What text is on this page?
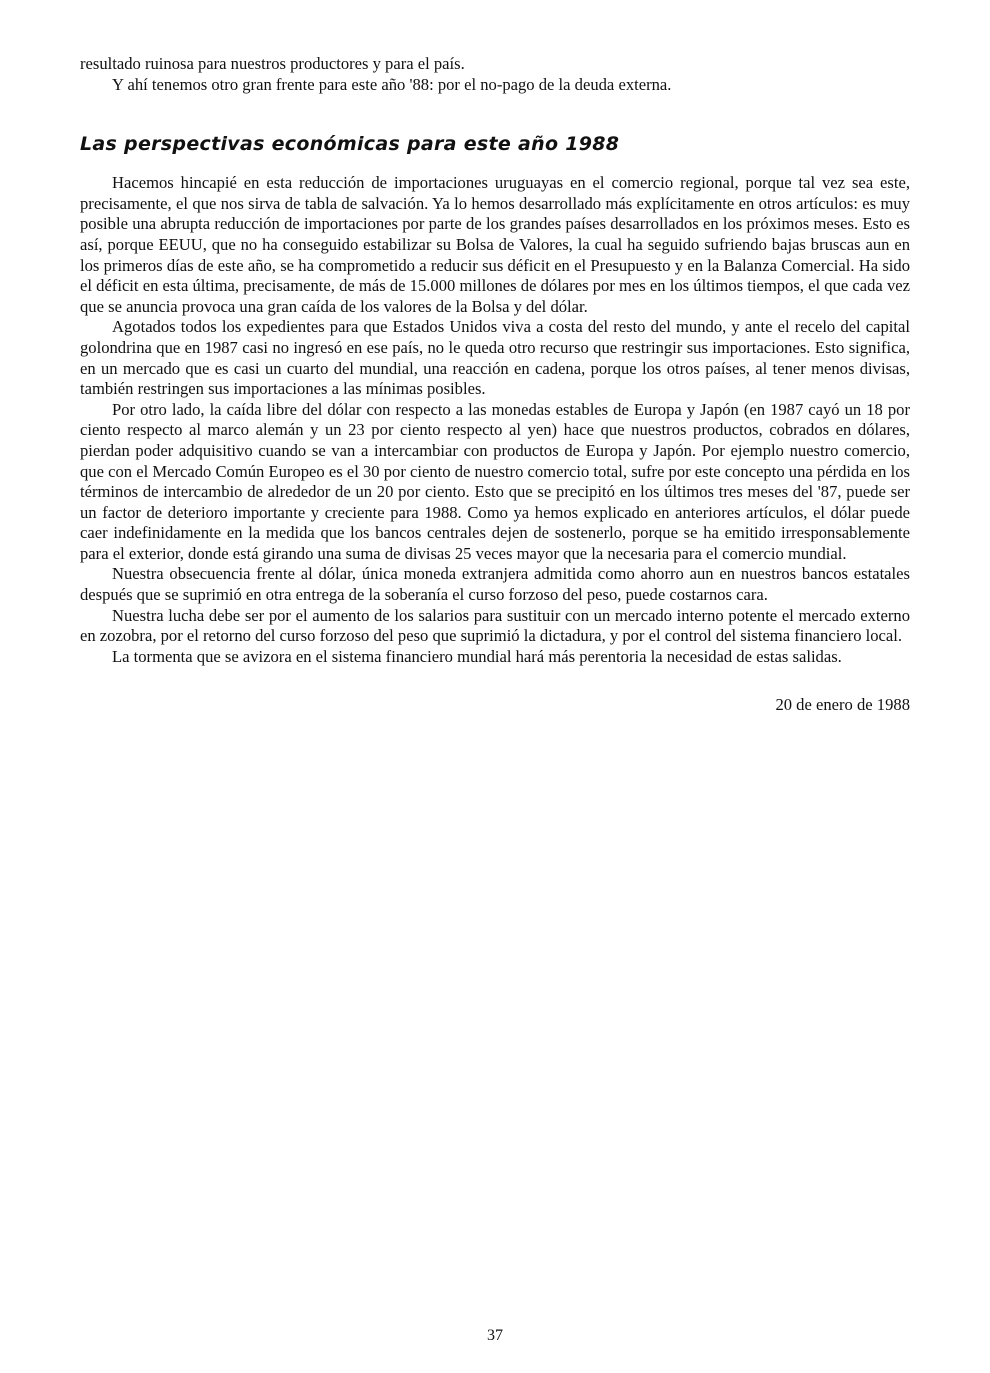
resultado ruinosa para nuestros productores y para el país.

Y ahí tenemos otro gran frente para este año '88: por el no-pago de la deuda externa.

Las perspectivas económicas para este año 1988

Hacemos hincapié en esta reducción de importaciones uruguayas en el comercio regional, porque tal vez sea este, precisamente, el que nos sirva de tabla de salvación. Ya lo hemos desarrollado más explícitamente en otros artículos: es muy posible una abrupta reducción de importaciones por parte de los grandes países desarrollados en los próximos meses. Esto es así, porque EEUU, que no ha conseguido estabilizar su Bolsa de Valores, la cual ha seguido sufriendo bajas bruscas aun en los primeros días de este año, se ha comprometido a reducir sus déficit en el Presupuesto y en la Balanza Comercial. Ha sido el déficit en esta última, precisamente, de más de 15.000 millones de dólares por mes en los últimos tiempos, el que cada vez que se anuncia provoca una gran caída de los valores de la Bolsa y del dólar.

Agotados todos los expedientes para que Estados Unidos viva a costa del resto del mundo, y ante el recelo del capital golondrina que en 1987 casi no ingresó en ese país, no le queda otro recurso que restringir sus importaciones. Esto significa, en un mercado que es casi un cuarto del mundial, una reacción en cadena, porque los otros países, al tener menos divisas, también restringen sus importaciones a las mínimas posibles.

Por otro lado, la caída libre del dólar con respecto a las monedas estables de Europa y Japón (en 1987 cayó un 18 por ciento respecto al marco alemán y un 23 por ciento respecto al yen) hace que nuestros productos, cobrados en dólares, pierdan poder adquisitivo cuando se van a intercambiar con productos de Europa y Japón. Por ejemplo nuestro comercio, que con el Mercado Común Europeo es el 30 por ciento de nuestro comercio total, sufre por este concepto una pérdida en los términos de intercambio de alrededor de un 20 por ciento. Esto que se precipitó en los últimos tres meses del '87, puede ser un factor de deterioro importante y creciente para 1988. Como ya hemos explicado en anteriores artículos, el dólar puede caer indefinidamente en la medida que los bancos centrales dejen de sostenerlo, porque se ha emitido irresponsablemente para el exterior, donde está girando una suma de divisas 25 veces mayor que la necesaria para el comercio mundial.

Nuestra obsecuencia frente al dólar, única moneda extranjera admitida como ahorro aun en nuestros bancos estatales después que se suprimió en otra entrega de la soberanía el curso forzoso del peso, puede costarnos cara.

Nuestra lucha debe ser por el aumento de los salarios para sustituir con un mercado interno potente el mercado externo en zozobra, por el retorno del curso forzoso del peso que suprimió la dictadura, y por el control del sistema financiero local.

La tormenta que se avizora en el sistema financiero mundial hará más perentoria la necesidad de estas salidas.

20 de enero de 1988

37
